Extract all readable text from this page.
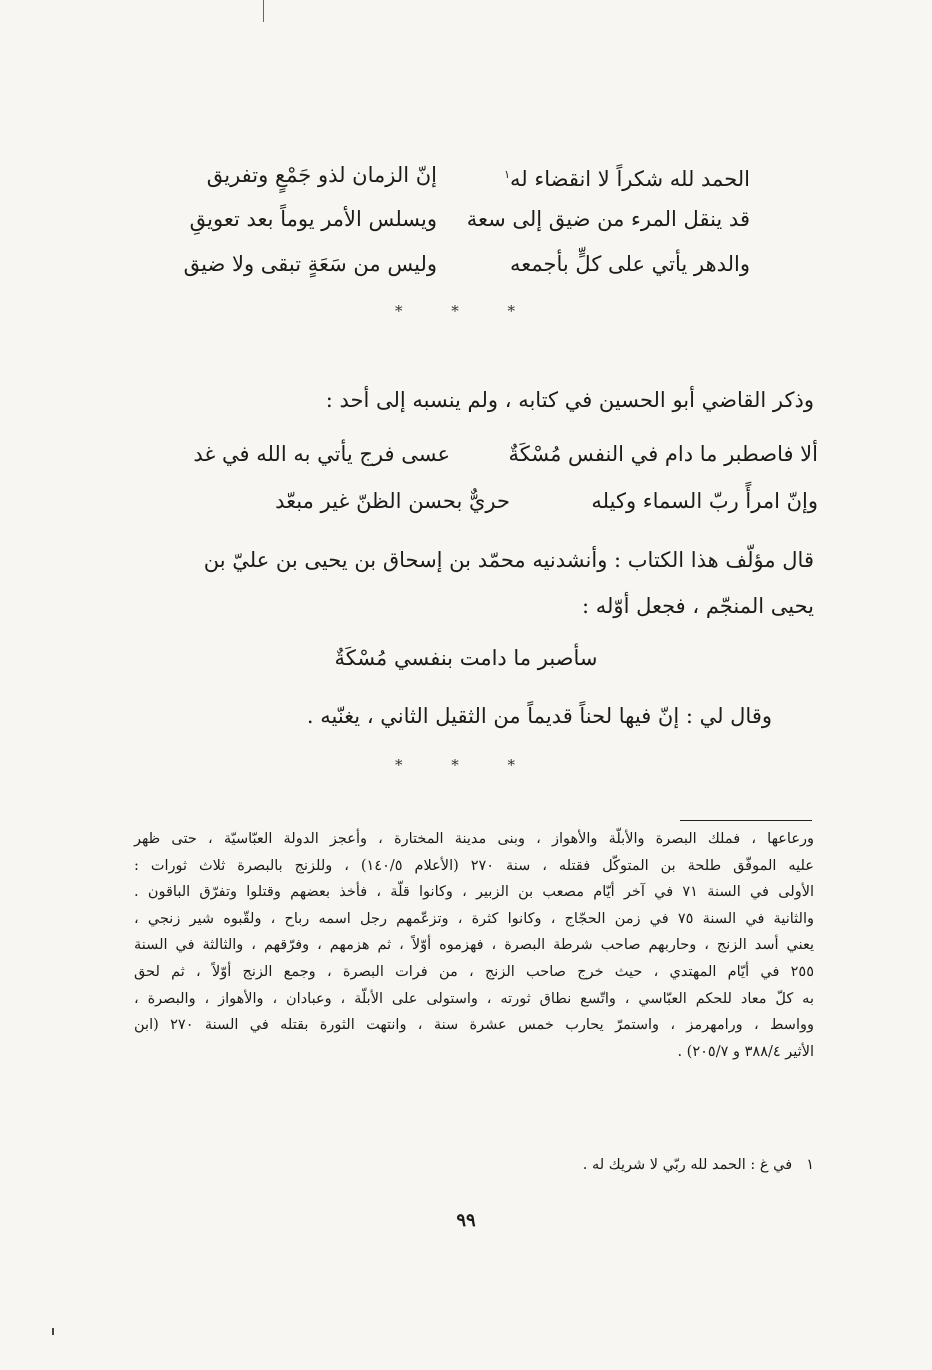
الحمد لله شكراً لا انقضاء له$^١$
إنّ الزمان لذو جَمْعٍ وتفريق
قد ينقل المرء من ضيق إلى سعة
ويسلس الأمر يوماً بعد تعويقِ
والدهر يأتي على كلٍّ بأجمعه
وليس من سَعَةٍ تبقى ولا ضيق
* * *
وذكر القاضي أبو الحسين في كتابه ، ولم ينسبه إلى أحد :
ألا فاصطبر ما دام في النفس مُسْكَةٌ
عسى فرج يأتي به الله في غد
وإنّ امرأً ربّ السماء وكيله
حريٌّ بحسن الظنّ غير مبعّد
قال مؤلّف هذا الكتاب : وأنشدنيه محمّد بن إسحاق بن يحيى بن عليّ بن
يحيى المنجّم ، فجعل أوّله :
سأصبر ما دامت بنفسي مُسْكَةٌ
وقال لي : إنّ فيها لحناً قديماً من الثقيل الثاني ، يغنّيه .
* * *
ورعاعها ، فملك البصرة والأبلّة والأهواز ، وبنى مدينة المختارة ، وأعجز الدولة العبّاسيّة ، حتى ظهر
عليه الموفّق طلحة بن المتوكّل فقتله ، سنة ٢٧٠ (الأعلام ١٤٠/٥) ، وللزنج بالبصرة ثلاث ثورات :
الأولى في السنة ٧١ في آخر أيّام مصعب بن الزبير ، وكانوا قلّة ، فأخذ بعضهم وقتلوا وتفرّق الباقون .
والثانية في السنة ٧٥ في زمن الحجّاج ، وكانوا كثرة ، وتزعّمهم رجل اسمه رباح ، ولقّبوه شير زنجي ،
يعني أسد الزنج ، وحاربهم صاحب شرطة البصرة ، فهزموه أوّلاً ، ثم هزمهم ، وفرّقهم ، والثالثة في السنة
٢٥٥ في أيّام المهتدي ، حيث خرج صاحب الزنج ، من فرات البصرة ، وجمع الزنج أوّلاً ، ثم لحق
به كلّ معاد للحكم العبّاسي ، واتّسع نطاق ثورته ، واستولى على الأبلّة ، وعبادان ، والأهواز ، والبصرة ،
وواسط ، ورامهرمز ، واستمرّ يحارب خمس عشرة سنة ، وانتهت الثورة بقتله في السنة ٢٧٠ (ابن
الأثير ٣٨٨/٤ و ٢٠٥/٧) .
١في غ : الحمد لله ربّي لا شريك له .
٩٩
